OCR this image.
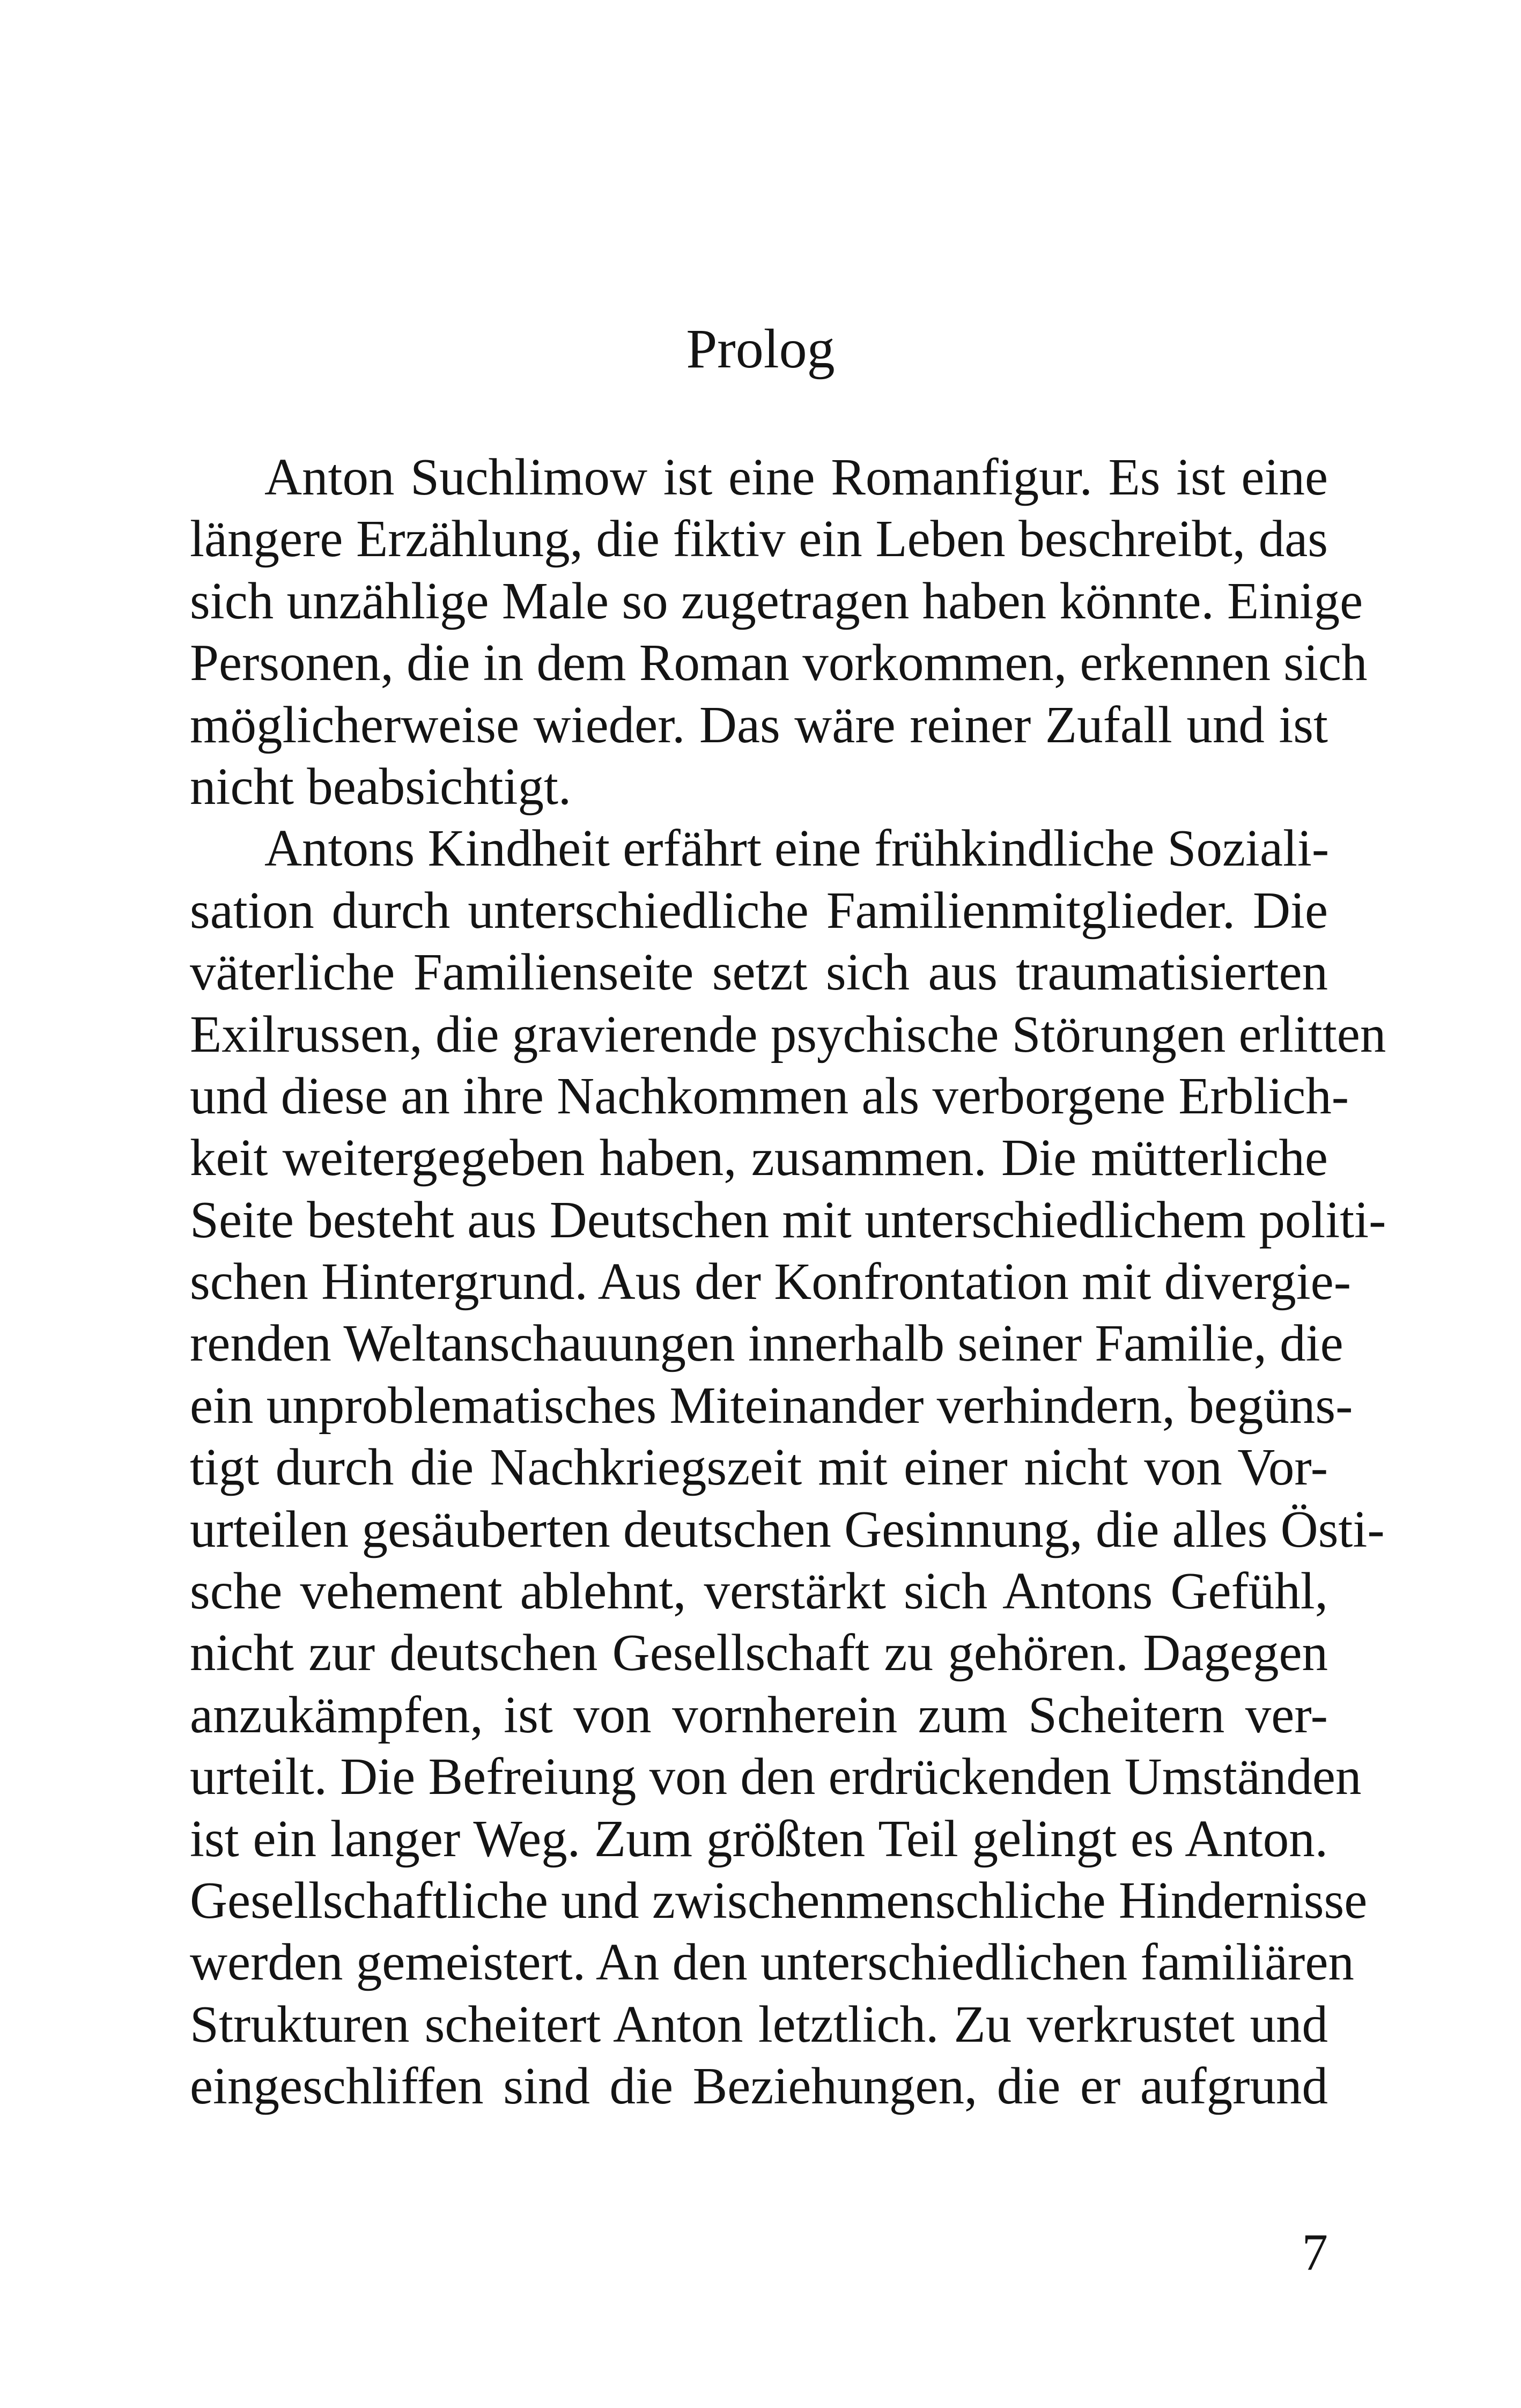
Prolog
Anton Suchlimow ist eine Romanfigur. Es ist eine
längere Erzählung, die fiktiv ein Leben beschreibt, das
sich unzählige Male so zugetragen haben könnte. Einige
Personen, die in dem Roman vorkommen, erkennen sich
möglicherweise wieder. Das wäre reiner Zufall und ist
nicht beabsichtigt.
Antons Kindheit erfährt eine frühkindliche Soziali-
sation durch unterschiedliche Familienmitglieder. Die
väterliche Familienseite setzt sich aus traumatisierten
Exilrussen, die gravierende psychische Störungen erlitten
und diese an ihre Nachkommen als verborgene Erblich-
keit weitergegeben haben, zusammen. Die mütterliche
Seite besteht aus Deutschen mit unterschiedlichem politi-
schen Hintergrund. Aus der Konfrontation mit divergie-
renden Weltanschauungen innerhalb seiner Familie, die
ein unproblematisches Miteinander verhindern, begüns-
tigt durch die Nachkriegszeit mit einer nicht von Vor-
urteilen gesäuberten deutschen Gesinnung, die alles Östi-
sche vehement ablehnt, verstärkt sich Antons Gefühl,
nicht zur deutschen Gesellschaft zu gehören. Dagegen
anzukämpfen, ist von vornherein zum Scheitern ver-
urteilt. Die Befreiung von den erdrückenden Umständen
ist ein langer Weg. Zum größten Teil gelingt es Anton.
Gesellschaftliche und zwischenmenschliche Hindernisse
werden gemeistert. An den unterschiedlichen familiären
Strukturen scheitert Anton letztlich. Zu verkrustet und
eingeschliffen sind die Beziehungen, die er aufgrund

7
